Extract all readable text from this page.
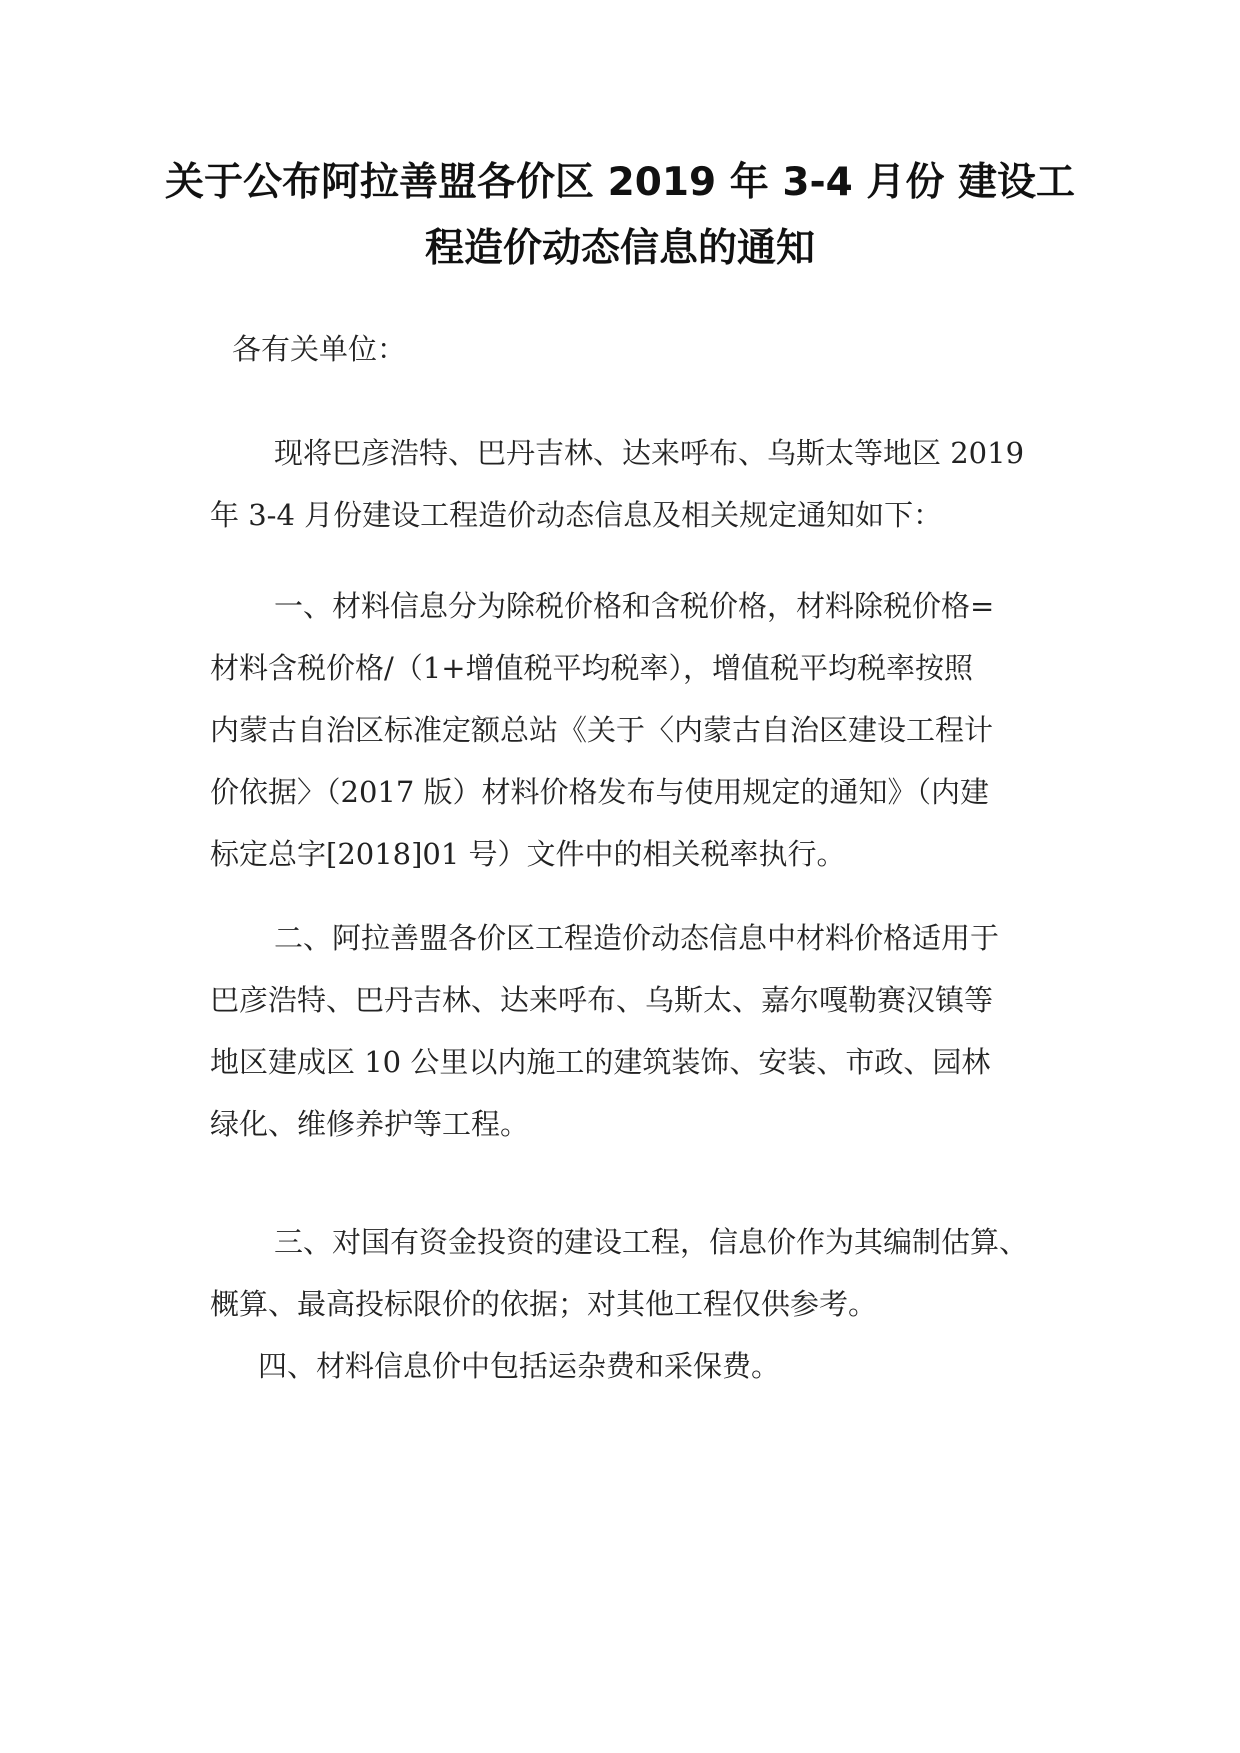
关于公布阿拉善盟各价区 2019 年 3-4 月份 建设工
程造价动态信息的通知

各有关单位：

现将巴彦浩特、巴丹吉林、达来呼布、乌斯太等地区 2019
年 3-4 月份建设工程造价动态信息及相关规定通知如下：

一、材料信息分为除税价格和含税价格，材料除税价格=
材料含税价格/（1+增值税平均税率），增值税平均税率按照
内蒙古自治区标准定额总站《关于〈内蒙古自治区建设工程计
价依据〉（2017 版）材料价格发布与使用规定的通知》（内建
标定总字[2018]01 号）文件中的相关税率执行。

二、阿拉善盟各价区工程造价动态信息中材料价格适用于
巴彦浩特、巴丹吉林、达来呼布、乌斯太、嘉尔嘎勒赛汉镇等
地区建成区 10 公里以内施工的建筑装饰、安装、市政、园林
绿化、维修养护等工程。

三、对国有资金投资的建设工程，信息价作为其编制估算、
概算、最高投标限价的依据；对其他工程仅供参考。

四、材料信息价中包括运杂费和采保费。
